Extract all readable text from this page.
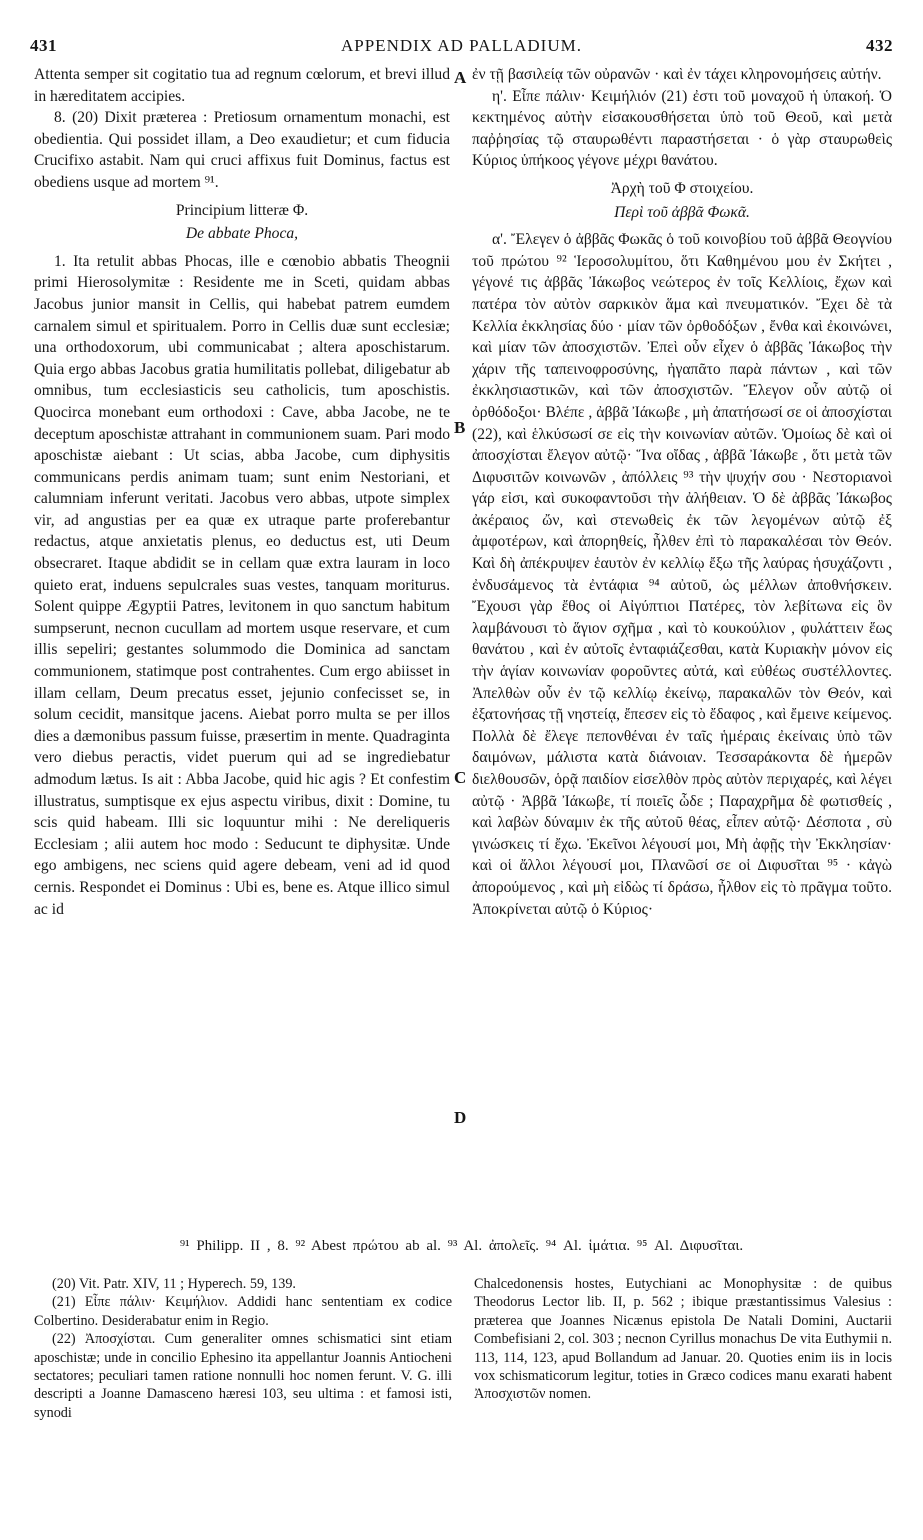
431	APPENDIX AD PALLADIUM.	432

Attenta semper sit cogitatio tua ad regnum cœlorum, et brevi illud in hæreditatem accipies.

8. (20) Dixit præterea : Pretiosum ornamentum monachi, est obedientia. Qui possidet illam, a Deo exaudietur; et cum fiducia Crucifixo astabit. Nam qui cruci affixus fuit Dominus, factus est obediens usque ad mortem ⁹¹.

Principium litteræ Φ.

De abbate Phoca,

1. Ita retulit abbas Phocas, ille e cœnobio abbatis Theognii primi Hierosolymitæ : Residente me in Sceti, quidam abbas Jacobus junior mansit in Cellis, qui habebat patrem eumdem carnalem simul et spiritualem. Porro in Cellis duæ sunt ecclesiæ; una orthodoxorum, ubi communicabat ; altera aposchistarum. Quia ergo abbas Jacobus gratia humilitatis pollebat, diligebatur ab omnibus, tum ecclesiasticis seu catholicis, tum aposchistis. Quocirca monebant eum orthodoxi : Cave, abba Jacobe, ne te deceptum aposchistæ attrahant in communionem suam. Pari modo aposchistæ aiebant : Ut scias, abba Jacobe, cum diphysitis communicans perdis animam tuam; sunt enim Nestoriani, et calumniam inferunt veritati. Jacobus vero abbas, utpote simplex vir, ad angustias per ea quæ ex utraque parte proferebantur redactus, atque anxietatis plenus, eo deductus est, uti Deum obsecraret. Itaque abdidit se in cellam quæ extra lauram in loco quieto erat, induens sepulcrales suas vestes, tanquam moriturus. Solent quippe Ægyptii Patres, levitonem in quo sanctum habitum sumpserunt, necnon cucullam ad mortem usque reservare, et cum illis sepeliri; gestantes solummodo die Dominica ad sanctam communionem, statimque post contrahentes. Cum ergo abiisset in illam cellam, Deum precatus esset, jejunio confecisset se, in solum cecidit, mansitque jacens. Aiebat porro multa se per illos dies a dæmonibus passum fuisse, præsertim in mente. Quadraginta vero diebus peractis, videt puerum qui ad se ingrediebatur admodum lætus. Is ait : Abba Jacobe, quid hic agis ? Et confestim illustratus, sumptisque ex ejus aspectu viribus, dixit : Domine, tu scis quid habeam. Illi sic loquuntur mihi : Ne dereliqueris Ecclesiam ; alii autem hoc modo : Seducunt te diphysitæ. Unde ego ambigens, nec sciens quid agere debeam, veni ad id quod cernis. Respondet ei Dominus : Ubi es, bene es. Atque illico simul ac id

A
B
C
D

ἐν τῇ βασιλείᾳ τῶν οὐρανῶν · καὶ ἐν τάχει κληρονομήσεις αὐτήν.

η'. Εἶπε πάλιν· Κειμήλιόν (21) ἐστι τοῦ μοναχοῦ ἡ ὑπακοή. Ὁ κεκτημένος αὐτὴν εἰσακουσθήσεται ὑπὸ τοῦ Θεοῦ, καὶ μετὰ παῤῥησίας τῷ σταυρωθέντι παραστήσεται · ὁ γὰρ σταυρωθεὶς Κύριος ὑπήκοος γέγονε μέχρι θανάτου.

Ἀρχὴ τοῦ Φ στοιχείου.

Περὶ τοῦ ἀββᾶ Φωκᾶ.

α'. Ἔλεγεν ὁ ἀββᾶς Φωκᾶς ὁ τοῦ κοινοβίου τοῦ ἀββᾶ Θεογνίου τοῦ πρώτου ⁹² Ἱεροσολυμίτου, ὅτι Καθημένου μου ἐν Σκήτει , γέγονέ τις ἀββᾶς Ἰάκωβος νεώτερος ἐν τοῖς Κελλίοις, ἔχων καὶ πατέρα τὸν αὐτὸν σαρκικὸν ἅμα καὶ πνευματικόν. Ἔχει δὲ τὰ Κελλία ἐκκλησίας δύο · μίαν τῶν ὀρθοδόξων , ἔνθα καὶ ἐκοινώνει, καὶ μίαν τῶν ἀποσχιστῶν. Ἐπεὶ οὖν εἶχεν ὁ ἀββᾶς Ἰάκωβος τὴν χάριν τῆς ταπεινοφροσύνης, ἠγαπᾶτο παρὰ πάντων , καὶ τῶν ἐκκλησιαστικῶν, καὶ τῶν ἀποσχιστῶν. Ἔλεγον οὖν αὐτῷ οἱ ὀρθόδοξοι· Βλέπε , ἀββᾶ Ἰάκωβε , μὴ ἀπατήσωσί σε οἱ ἀποσχίσται (22), καὶ ἑλκύσωσί σε εἰς τὴν κοινωνίαν αὐτῶν. Ὁμοίως δὲ καὶ οἱ ἀποσχίσται ἔλεγον αὐτῷ· Ἵνα οἴδας , ἀββᾶ Ἰάκωβε , ὅτι μετὰ τῶν Διφυσιτῶν κοινωνῶν , ἀπόλλεις ⁹³ τὴν ψυχήν σου · Νεστοριανοὶ γάρ εἰσι, καὶ συκοφαντοῦσι τὴν ἀλήθειαν. Ὁ δὲ ἀββᾶς Ἰάκωβος ἀκέραιος ὤν, καὶ στενωθεὶς ἐκ τῶν λεγομένων αὐτῷ ἐξ ἀμφοτέρων, καὶ ἀπορηθείς, ἦλθεν ἐπὶ τὸ παρακαλέσαι τὸν Θεόν. Καὶ δὴ ἀπέκρυψεν ἑαυτὸν ἐν κελλίῳ ἔξω τῆς λαύρας ἡσυχάζοντι , ἐνδυσάμενος τὰ ἐντάφια ⁹⁴ αὐτοῦ, ὡς μέλλων ἀποθνήσκειν. Ἔχουσι γὰρ ἔθος οἱ Αἰγύπτιοι Πατέρες, τὸν λεβίτωνα εἰς ὃν λαμβάνουσι τὸ ἅγιον σχῆμα , καὶ τὸ κουκούλιον , φυλάττειν ἕως θανάτου , καὶ ἐν αὐτοῖς ἐνταφιάζεσθαι, κατὰ Κυριακὴν μόνον εἰς τὴν ἁγίαν κοινωνίαν φοροῦντες αὐτά, καὶ εὐθέως συστέλλοντες. Ἀπελθὼν οὖν ἐν τῷ κελλίῳ ἐκείνῳ, παρακαλῶν τὸν Θεόν, καὶ ἐξατονήσας τῇ νηστείᾳ, ἔπεσεν εἰς τὸ ἔδαφος , καὶ ἔμεινε κείμενος. Πολλὰ δὲ ἔλεγε πεπονθέναι ἐν ταῖς ἡμέραις ἐκείναις ὑπὸ τῶν δαιμόνων, μάλιστα κατὰ διάνοιαν. Τεσσαράκοντα δὲ ἡμερῶν διελθουσῶν, ὁρᾷ παιδίον εἰσελθὸν πρὸς αὐτὸν περιχαρές, καὶ λέγει αὐτῷ · Ἀββᾶ Ἰάκωβε, τί ποιεῖς ὧδε ; Παραχρῆμα δὲ φωτισθείς , καὶ λαβὼν δύναμιν ἐκ τῆς αὐτοῦ θέας, εἶπεν αὐτῷ· Δέσποτα , σὺ γινώσκεις τί ἔχω. Ἐκεῖνοι λέγουσί μοι, Μὴ ἀφῇς τὴν Ἐκκλησίαν· καὶ οἱ ἄλλοι λέγουσί μοι, Πλανῶσί σε οἱ Διφυσῖται ⁹⁵ · κἀγὼ ἀπορούμενος , καὶ μὴ εἰδὼς τί δράσω, ἦλθον εἰς τὸ πρᾶγμα τοῦτο. Ἀποκρίνεται αὐτῷ ὁ Κύριος·

⁹¹ Philipp. II , 8. ⁹² Abest πρώτου ab al. ⁹³ Al. ἀπολεῖς. ⁹⁴ Al. ἱμάτια. ⁹⁵ Al. Διφυσῖται.

(20) Vit. Patr. XIV, 11 ; Hyperech. 59, 139.

(21) Εἶπε πάλιν· Κειμήλιον. Addidi hanc sententiam ex codice Colbertino. Desiderabatur enim in Regio.

(22) Ἀποσχίσται. Cum generaliter omnes schismatici sint etiam aposchistæ; unde in concilio Ephesino ita appellantur Joannis Antiocheni sectatores; peculiari tamen ratione nonnulli hoc nomen ferunt. V. G. illi descripti a Joanne Damasceno hæresi 103, seu ultima : et famosi isti, synodi

Chalcedonensis hostes, Eutychiani ac Monophysitæ : de quibus Theodorus Lector lib. II, p. 562 ; ibique præstantissimus Valesius : præterea que Joannes Nicænus epistola De Natali Domini, Auctarii Combefisiani 2, col. 303 ; necnon Cyrillus monachus De vita Euthymii n. 113, 114, 123, apud Bollandum ad Januar. 20. Quoties enim iis in locis vox schismaticorum legitur, toties in Græco codices manu exarati habent Ἀποσχιστῶν nomen.
